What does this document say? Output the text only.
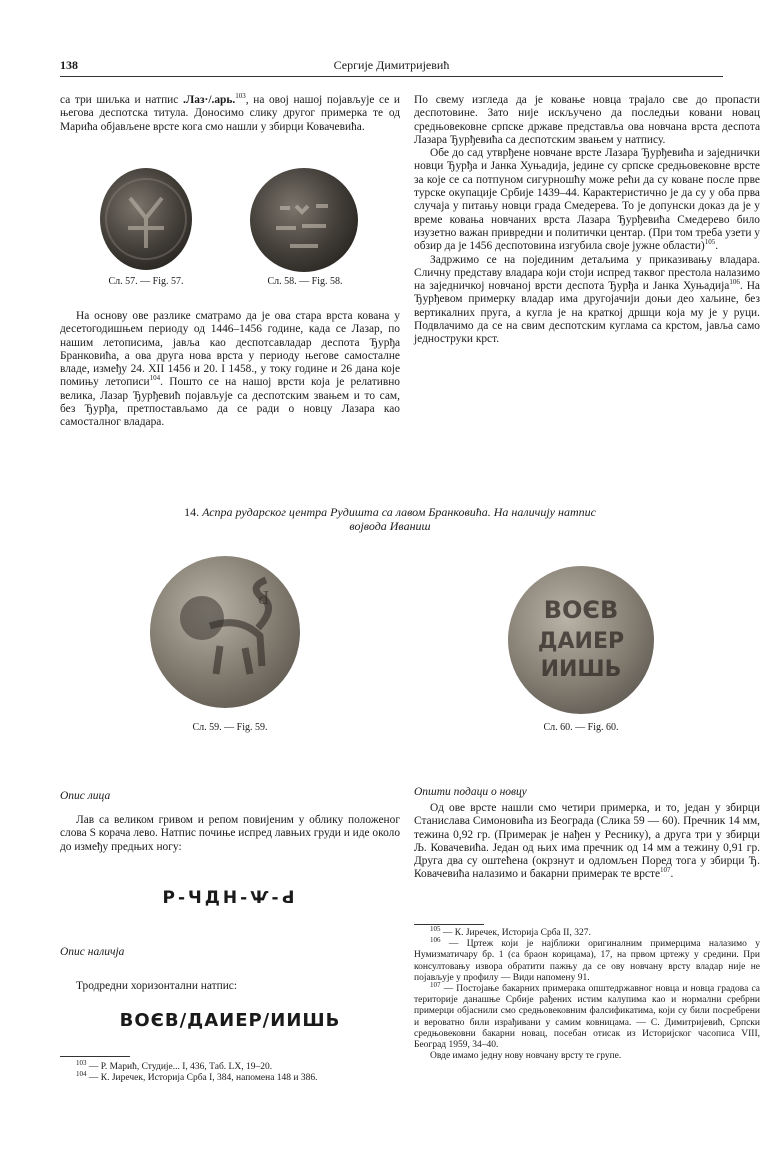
138	Сергије Димитријевић

са три шиљка и натпис .Лаз·/.арь.$^{103}$, на овој нашој појављује се и његова деспотска титула. Доносимо слику другог примерка те од Марића објављене врсте кога смо нашли у збирци Ковачевића.

Сл. 57. — Fig. 57.	Сл. 58. — Fig. 58.

На основу ове разлике сматрамо да је ова стара врста кована у десетогодишњем периоду од 1446–1456 године, када се Лазар, по нашим летописима, јавља као деспотсавладар деспота Ђурђа Бранковића, а ова друга нова врста у периоду његове самосталне владе, између 24. XII 1456 и 20. I 1458., у току године и 26 дана које помињу летописи$^{104}$. Пошто се на нашој врсти која је релативно велика, Лазар Ђурђевић појављује са деспотским звањем и то сам, без Ђурђа, претпостављамо да се ради о новцу Лазара као самосталног владара.

По свему изгледа да је ковање новца трајало све до пропасти деспотовине. Зато није искључено да последњи ковани новац средњовековне српске државе представља ова новчана врста деспота Лазара Ђурђевића са деспотским звањем у натпису.

Обе до сад утврђене новчане врсте Лазара Ђурђевића и заједнички новци Ђурђа и Јанка Хуњадија, једине су српске средњовековне врсте за које се са потпуном сигурношћу може рећи да су коване после прве турске окупације Србије 1439–44. Карактеристично је да су у оба прва случаја у питању новци града Смедерева. То је допунски доказ да је у време ковања новчаних врста Лазара Ђурђевића Смедерево било изузетно важан привредни и политички центар. (При том треба узети у обзир да је 1456 деспотовина изгубила своје јужне области)$^{105}$.

Задржимо се на појединим детаљима у приказивању владара. Сличну представу владара који стоји испред таквог престола налазимо на заједничкој новчаној врсти деспота Ђурђа и Јанка Хуњадија$^{106}$. На Ђурђевом примерку владар има другојачији доњи део хаљине, без вертикалних пруга, а кугла је на краткој дршци која му је у руци. Подвлачимо да се на свим деспотским куглама са крстом, јавља само једноструки крст.

14. Аспра рударског центра Рудишта са лавом Бранковића. На наличију натпис
војвода Иваниш
Ԁ
Сл. 59. — Fig. 59.
ВОЄВ
ДАИЕР
ИИШЬ
Сл. 60. — Fig. 60.
Опис лица

Лав са великом гривом и репом повијеним у облику положеног слова S корача лево. Натпис почиње испред лавњих груди и иде около до између предњих ногу:

Ρ-ЧДΗ-Ѱ-Ԁ
Опис наличја

Тродредни хоризонтални натпис:

ВОЄВ/ДАИЕР/ИИШЬ

$^{103}$ — Р. Марић, Студије... I, 436, Таб. LX, 19–20.

$^{104}$ — К. Јиречек, Историја Срба I, 384, напомена 148 и 386.

Општи подаци о новцу

Од ове врсте нашли смо четири примерка, и то, један у збирци Станислава Симоновића из Београда (Слика 59 — 60). Пречник 14 мм, тежина 0,92 гр. (Примерак је нађен у Реснику), а друга три у збирци Љ. Ковачевића. Један од њих има пречник од 14 мм а тежину 0,91 гр. Друга два су оштећена (окрзнут и одломљен Поред тога у збирци Ђ. Ковачевића налазимо и бакарни примерак те врсте$^{107}$.

$^{105}$ — К. Јиречек, Историја Срба II, 327.

$^{106}$ — Цртеж који је најближи оригиналним примерцима налазимо у Нумизматичару бр. 1 (са браон корицама), 17, на првом цртежу у средини. При консултовању извора обратити пажњу да се ову новчану врсту владар није не појављује у профилу — Види напомену 91.

$^{107}$ — Постојање бакарних примерака општедржавног новца и новца градова са територије данашње Србије рађених истим калупима као и нормални сребрни примерци објаснили смо средњовековним фалсификатима, који су били посребрени и вероватно били израђивани у самим ковницама. — С. Димитријевић, Српски средњовековни бакарни новац, посебан отисак из Историјског часописа VIII, Београд 1959, 34–40.

Овде имамо једну нову новчану врсту те групе.
